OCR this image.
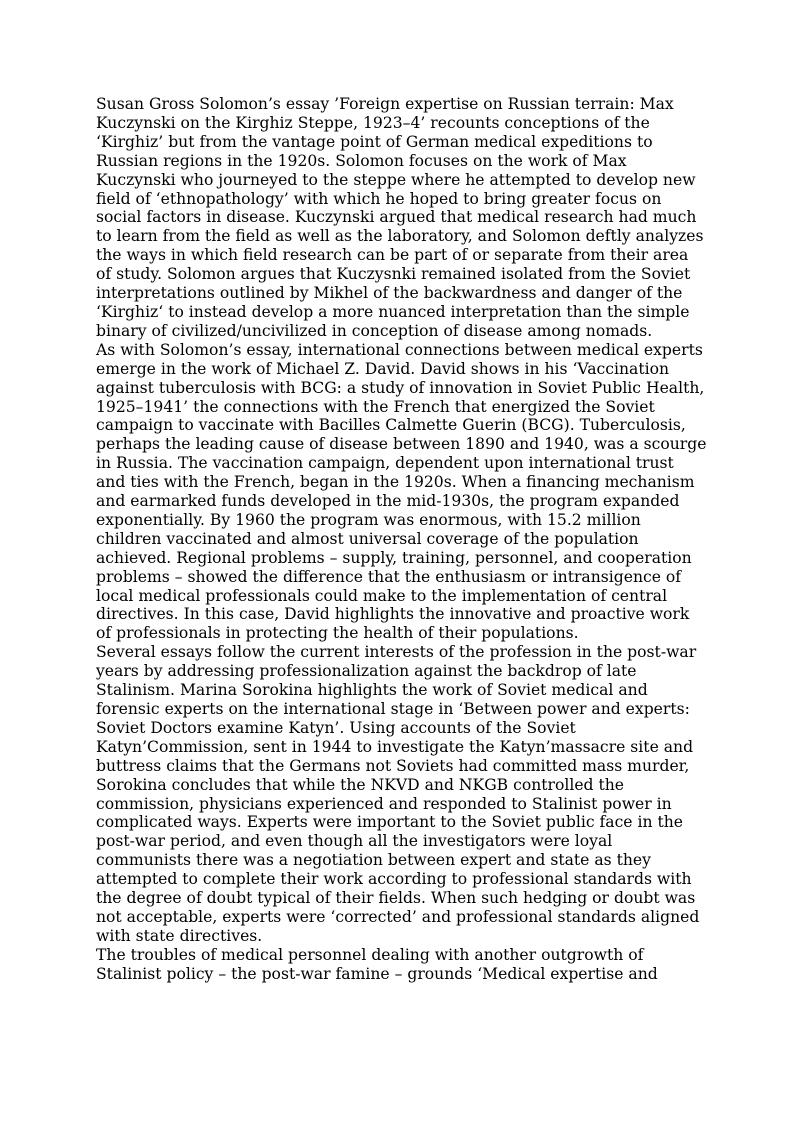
Susan Gross Solomon’s essay ’Foreign expertise on Russian terrain: Max Kuczynski on the Kirghiz Steppe, 1923–4’ recounts conceptions of the ‘Kirghiz’ but from the vantage point of German medical expeditions to Russian regions in the 1920s. Solomon focuses on the work of Max Kuczynski who journeyed to the steppe where he attempted to develop new field of ‘ethnopathology’ with which he hoped to bring greater focus on social factors in disease. Kuczynski argued that medical research had much to learn from the field as well as the laboratory, and Solomon deftly analyzes the ways in which field research can be part of or separate from their area of study. Solomon argues that Kuczysnki remained isolated from the Soviet interpretations outlined by Mikhel of the backwardness and danger of the ‘Kirghiz‘ to instead develop a more nuanced interpretation than the simple binary of civilized/uncivilized in conception of disease among nomads.

As with Solomon’s essay, international connections between medical experts emerge in the work of Michael Z. David. David shows in his ‘Vaccination against tuberculosis with BCG: a study of innovation in Soviet Public Health, 1925–1941’ the connections with the French that energized the Soviet campaign to vaccinate with Bacilles Calmette Guerin (BCG). Tuberculosis, perhaps the leading cause of disease between 1890 and 1940, was a scourge in Russia. The vaccination campaign, dependent upon international trust and ties with the French, began in the 1920s. When a financing mechanism and earmarked funds developed in the mid-1930s, the program expanded exponentially. By 1960 the program was enormous, with 15.2 million children vaccinated and almost universal coverage of the population achieved. Regional problems – supply, training, personnel, and cooperation problems – showed the difference that the enthusiasm or intransigence of local medical professionals could make to the implementation of central directives. In this case, David highlights the innovative and proactive work of professionals in protecting the health of their populations.

Several essays follow the current interests of the profession in the post-war years by addressing professionalization against the backdrop of late Stalinism. Marina Sorokina highlights the work of Soviet medical and forensic experts on the international stage in ‘Between power and experts: Soviet Doctors examine Katyn’. Using accounts of the Soviet Katyn’Commission, sent in 1944 to investigate the Katyn’massacre site and buttress claims that the Germans not Soviets had committed mass murder, Sorokina concludes that while the NKVD and NKGB controlled the commission, physicians experienced and responded to Stalinist power in complicated ways. Experts were important to the Soviet public face in the post-war period, and even though all the investigators were loyal communists there was a negotiation between expert and state as they attempted to complete their work according to professional standards with the degree of doubt typical of their fields. When such hedging or doubt was not acceptable, experts were ‘corrected’ and professional standards aligned with state directives.

The troubles of medical personnel dealing with another outgrowth of Stalinist policy – the post-war famine – grounds ‘Medical expertise and
